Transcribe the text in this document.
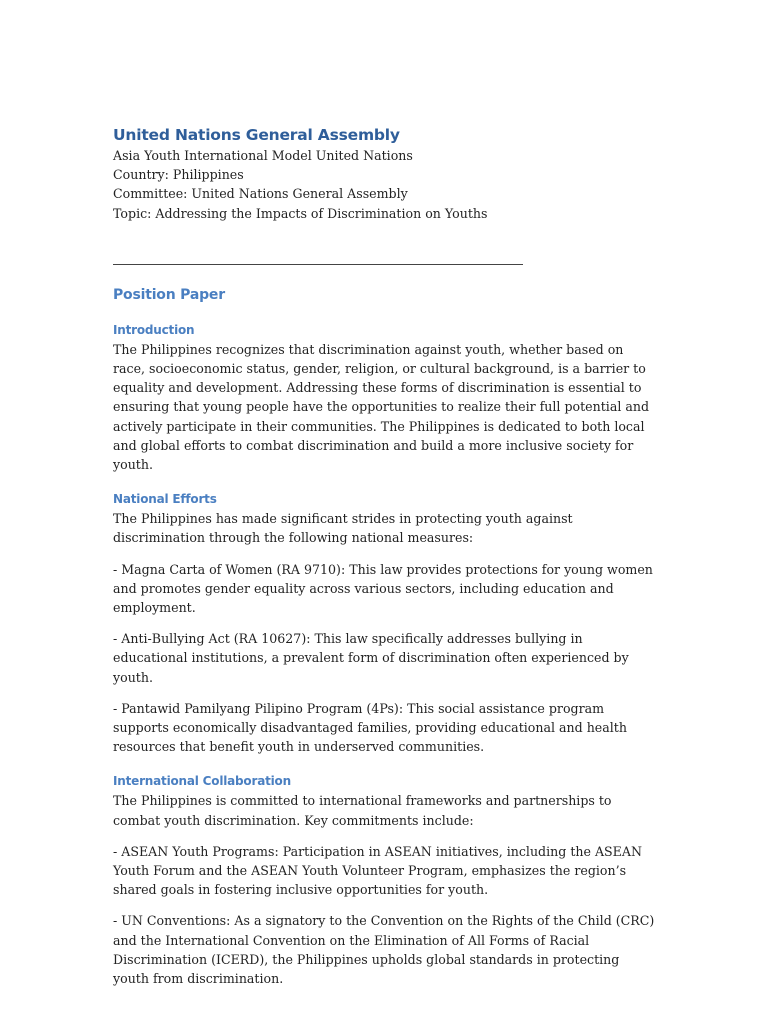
United Nations General Assembly

Asia Youth International Model United Nations

Country: Philippines

Committee: United Nations General Assembly

Topic: Addressing the Impacts of Discrimination on Youths

Position Paper
Introduction

The Philippines recognizes that discrimination against youth, whether based on race, socioeconomic status, gender, religion, or cultural background, is a barrier to equality and development. Addressing these forms of discrimination is essential to ensuring that young people have the opportunities to realize their full potential and actively participate in their communities. The Philippines is dedicated to both local and global efforts to combat discrimination and build a more inclusive society for youth.

National Efforts

The Philippines has made significant strides in protecting youth against discrimination through the following national measures:

- Magna Carta of Women (RA 9710): This law provides protections for young women and promotes gender equality across various sectors, including education and employment.

- Anti-Bullying Act (RA 10627): This law specifically addresses bullying in educational institutions, a prevalent form of discrimination often experienced by youth.

- Pantawid Pamilyang Pilipino Program (4Ps): This social assistance program supports economically disadvantaged families, providing educational and health resources that benefit youth in underserved communities.

International Collaboration

The Philippines is committed to international frameworks and partnerships to combat youth discrimination. Key commitments include:

- ASEAN Youth Programs: Participation in ASEAN initiatives, including the ASEAN Youth Forum and the ASEAN Youth Volunteer Program, emphasizes the region’s shared goals in fostering inclusive opportunities for youth.

- UN Conventions: As a signatory to the Convention on the Rights of the Child (CRC) and the International Convention on the Elimination of All Forms of Racial Discrimination (ICERD), the Philippines upholds global standards in protecting youth from discrimination.
